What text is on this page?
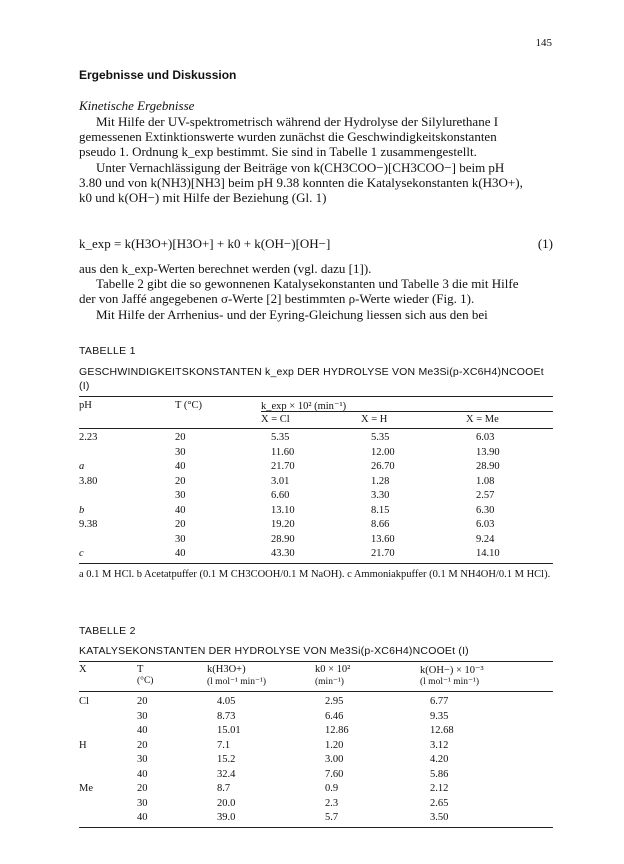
145
Ergebnisse und Diskussion
Kinetische Ergebnisse
Mit Hilfe der UV-spektrometrisch während der Hydrolyse der Silylurethane I
gemessenen Extinktionswerte wurden zunächst die Geschwindigkeitskonstanten
pseudo 1. Ordnung k_exp bestimmt. Sie sind in Tabelle 1 zusammengestellt.
Unter Vernachlässigung der Beiträge von k(CH3COO−)[CH3COO−] beim pH
3.80 und von k(NH3)[NH3] beim pH 9.38 konnten die Katalysekonstanten k(H3O+),
k0 und k(OH−) mit Hilfe der Beziehung (Gl. 1)
k_exp = k(H3O+)[H3O+] + k0 + k(OH−)[OH−]	(1)
aus den k_exp-Werten berechnet werden (vgl. dazu [1]).
Tabelle 2 gibt die so gewonnenen Katalysekonstanten und Tabelle 3 die mit Hilfe
der von Jaffé angegebenen σ-Werte [2] bestimmten ρ-Werte wieder (Fig. 1).
Mit Hilfe der Arrhenius- und der Eyring-Gleichung liessen sich aus den bei
TABELLE 1
GESCHWINDIGKEITSKONSTANTEN k_exp DER HYDROLYSE VON Me3Si(p-XC6H4)NCOOEt (I)
pH	T (°C)	k_exp × 10² (min⁻¹)
	X = Cl	X = H	X = Me
2.23	20	5.35	5.35	6.03
	30	11.60	12.00	13.90
a	40	21.70	26.70	28.90
3.80	20	3.01	1.28	1.08
	30	6.60	3.30	2.57
b	40	13.10	8.15	6.30
9.38	20	19.20	8.66	6.03
	30	28.90	13.60	9.24
c	40	43.30	21.70	14.10
a 0.1 M HCl. b Acetatpuffer (0.1 M CH3COOH/0.1 M NaOH). c Ammoniakpuffer (0.1 M NH4OH/0.1 M HCl).
TABELLE 2
KATALYSEKONSTANTEN DER HYDROLYSE VON Me3Si(p-XC6H4)NCOOEt (I)
X	T	k(H3O+)	k0 × 10²	k(OH−) × 10⁻³
	(°C)	(l mol⁻¹ min⁻¹)	(min⁻¹)	(l mol⁻¹ min⁻¹)
Cl	20	4.05	2.95	6.77
	30	8.73	6.46	9.35
	40	15.01	12.86	12.68
H	20	7.1	1.20	3.12
	30	15.2	3.00	4.20
	40	32.4	7.60	5.86
Me	20	8.7	0.9	2.12
	30	20.0	2.3	2.65
	40	39.0	5.7	3.50
